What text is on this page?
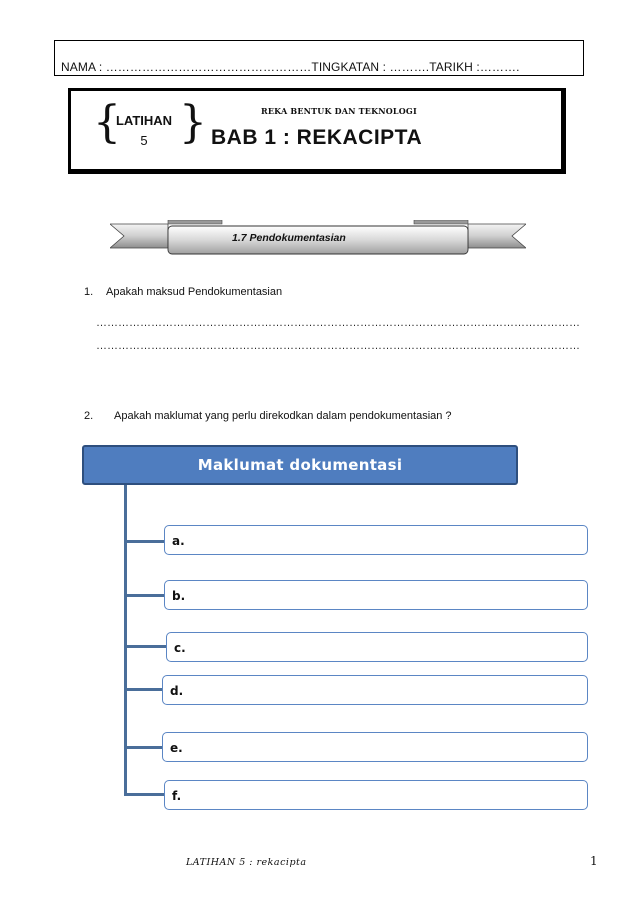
NAMA : ……………………………………………TINGKATAN : ……….TARIKH :……….
{
LATIHAN
5 }	REKA BENTUK DAN TEKNOLOGI
BAB 1 : REKACIPTA
1.7 Pendokumentasian
1. Apakah maksud Pendokumentasian
……………………………………………………………………………………………………………………
……………………………………………………………………………………………………………………
2. Apakah maklumat yang perlu direkodkan dalam pendokumentasian ?
Maklumat dokumentasi
a.
b.
c.
d.
e.
f.
LATIHAN 5 : rekacipta	1
